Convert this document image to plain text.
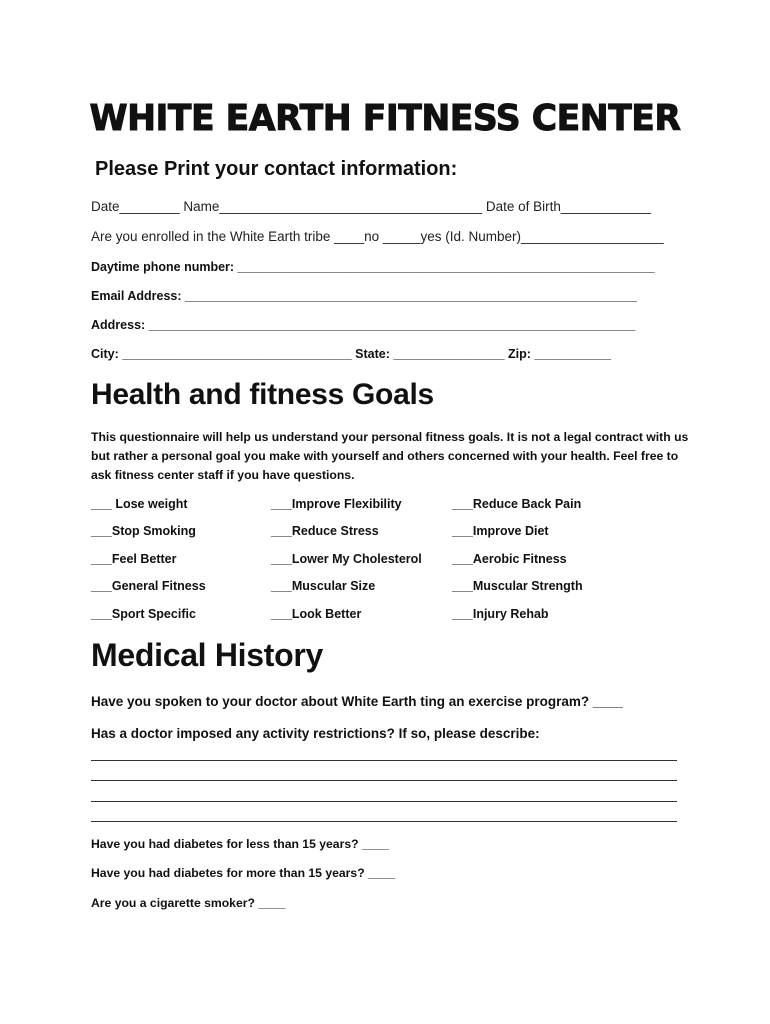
WHITE EARTH FITNESS CENTER
Please Print your contact information:
Date________ Name___________________________________ Date of Birth____________
Are you enrolled in the White Earth tribe ____no _____yes (Id. Number)___________________
Daytime phone number: ____________________________________________________________
Email Address: _________________________________________________________________
Address: ______________________________________________________________________
City: _________________________________ State: ________________ Zip: ___________
Health and fitness Goals
This questionnaire will help us understand your personal fitness goals. It is not a legal contract with us but rather a personal goal you make with yourself and others concerned with your health. Feel free to ask fitness center staff if you have questions.
___ Lose weight
___Stop Smoking
___Feel Better
___General Fitness
___Sport Specific
___Improve Flexibility
___Reduce Stress
___Lower My Cholesterol
___Muscular Size
___Look Better
___Reduce Back Pain
___Improve Diet
___Aerobic Fitness
___Muscular Strength
___Injury Rehab
Medical History
Have you spoken to your doctor about White Earth ting an exercise program? ____
Has a doctor imposed any activity restrictions? If so, please describe:
Have you had diabetes for less than 15 years? ____
Have you had diabetes for more than 15 years? ____
Are you a cigarette smoker? ____
